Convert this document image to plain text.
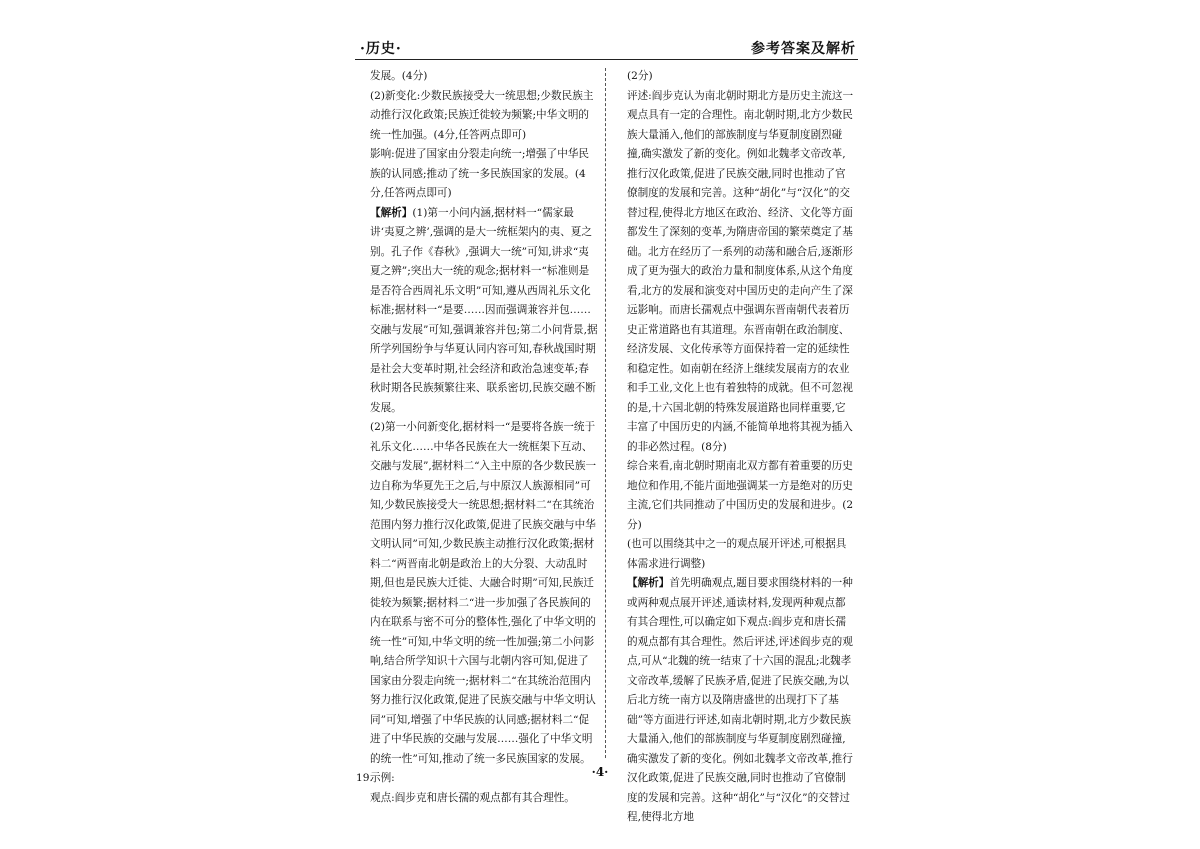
·历史·	参考答案及解析

发展。(4分)

(2)新变化:少数民族接受大一统思想;少数民族主动推行汉化政策;民族迁徙较为频繁;中华文明的统一性加强。(4分,任答两点即可)

影响:促进了国家由分裂走向统一;增强了中华民族的认同感;推动了统一多民族国家的发展。(4分,任答两点即可)

【解析】(1)第一小问内涵,据材料一“儒家最讲‘夷夏之辨’,强调的是大一统框架内的夷、夏之别。孔子作《春秋》,强调大一统”可知,讲求“夷夏之辨”;突出大一统的观念;据材料一“标准则是是否符合西周礼乐文明”可知,遵从西周礼乐文化标准;据材料一“是要……因而强调兼容并包……交融与发展”可知,强调兼容并包;第二小问背景,据所学列国纷争与华夏认同内容可知,春秋战国时期是社会大变革时期,社会经济和政治急速变革;春秋时期各民族频繁往来、联系密切,民族交融不断发展。

(2)第一小问新变化,据材料一“是要将各族一统于礼乐文化……中华各民族在大一统框架下互动、交融与发展”,据材料二“入主中原的各少数民族一边自称为华夏先王之后,与中原汉人族源相同”可知,少数民族接受大一统思想;据材料二“在其统治范围内努力推行汉化政策,促进了民族交融与中华文明认同”可知,少数民族主动推行汉化政策;据材料二“两晋南北朝是政治上的大分裂、大动乱时期,但也是民族大迁徙、大融合时期”可知,民族迁徙较为频繁;据材料二“进一步加强了各民族间的内在联系与密不可分的整体性,强化了中华文明的统一性”可知,中华文明的统一性加强;第二小问影响,结合所学知识十六国与北朝内容可知,促进了国家由分裂走向统一;据材料二“在其统治范围内努力推行汉化政策,促进了民族交融与中华文明认同”可知,增强了中华民族的认同感;据材料二“促进了中华民族的交融与发展……强化了中华文明的统一性”可知,推动了统一多民族国家的发展。

19.
示例:

观点:阎步克和唐长孺的观点都有其合理性。

(2分)

评述:阎步克认为南北朝时期北方是历史主流这一观点具有一定的合理性。南北朝时期,北方少数民族大量涌入,他们的部族制度与华夏制度剧烈碰撞,确实激发了新的变化。例如北魏孝文帝改革,推行汉化政策,促进了民族交融,同时也推动了官僚制度的发展和完善。这种“胡化”与“汉化”的交替过程,使得北方地区在政治、经济、文化等方面都发生了深刻的变革,为隋唐帝国的繁荣奠定了基础。北方在经历了一系列的动荡和融合后,逐渐形成了更为强大的政治力量和制度体系,从这个角度看,北方的发展和演变对中国历史的走向产生了深远影响。而唐长孺观点中强调东晋南朝代表着历史正常道路也有其道理。东晋南朝在政治制度、经济发展、文化传承等方面保持着一定的延续性和稳定性。如南朝在经济上继续发展南方的农业和手工业,文化上也有着独特的成就。但不可忽视的是,十六国北朝的特殊发展道路也同样重要,它丰富了中国历史的内涵,不能简单地将其视为插入的非必然过程。(8分)

综合来看,南北朝时期南北双方都有着重要的历史地位和作用,不能片面地强调某一方是绝对的历史主流,它们共同推动了中国历史的发展和进步。(2分)

(也可以围绕其中之一的观点展开评述,可根据具体需求进行调整)

【解析】首先明确观点,题目要求围绕材料的一种或两种观点展开评述,通读材料,发现两种观点都有其合理性,可以确定如下观点:阎步克和唐长孺的观点都有其合理性。然后评述,评述阎步克的观点,可从“北魏的统一结束了十六国的混乱;北魏孝文帝改革,缓解了民族矛盾,促进了民族交融,为以后北方统一南方以及隋唐盛世的出现打下了基础”等方面进行评述,如南北朝时期,北方少数民族大量涌入,他们的部族制度与华夏制度剧烈碰撞,确实激发了新的变化。例如北魏孝文帝改革,推行汉化政策,促进了民族交融,同时也推动了官僚制度的发展和完善。这种“胡化”与“汉化”的交替过程,使得北方地

·4·
